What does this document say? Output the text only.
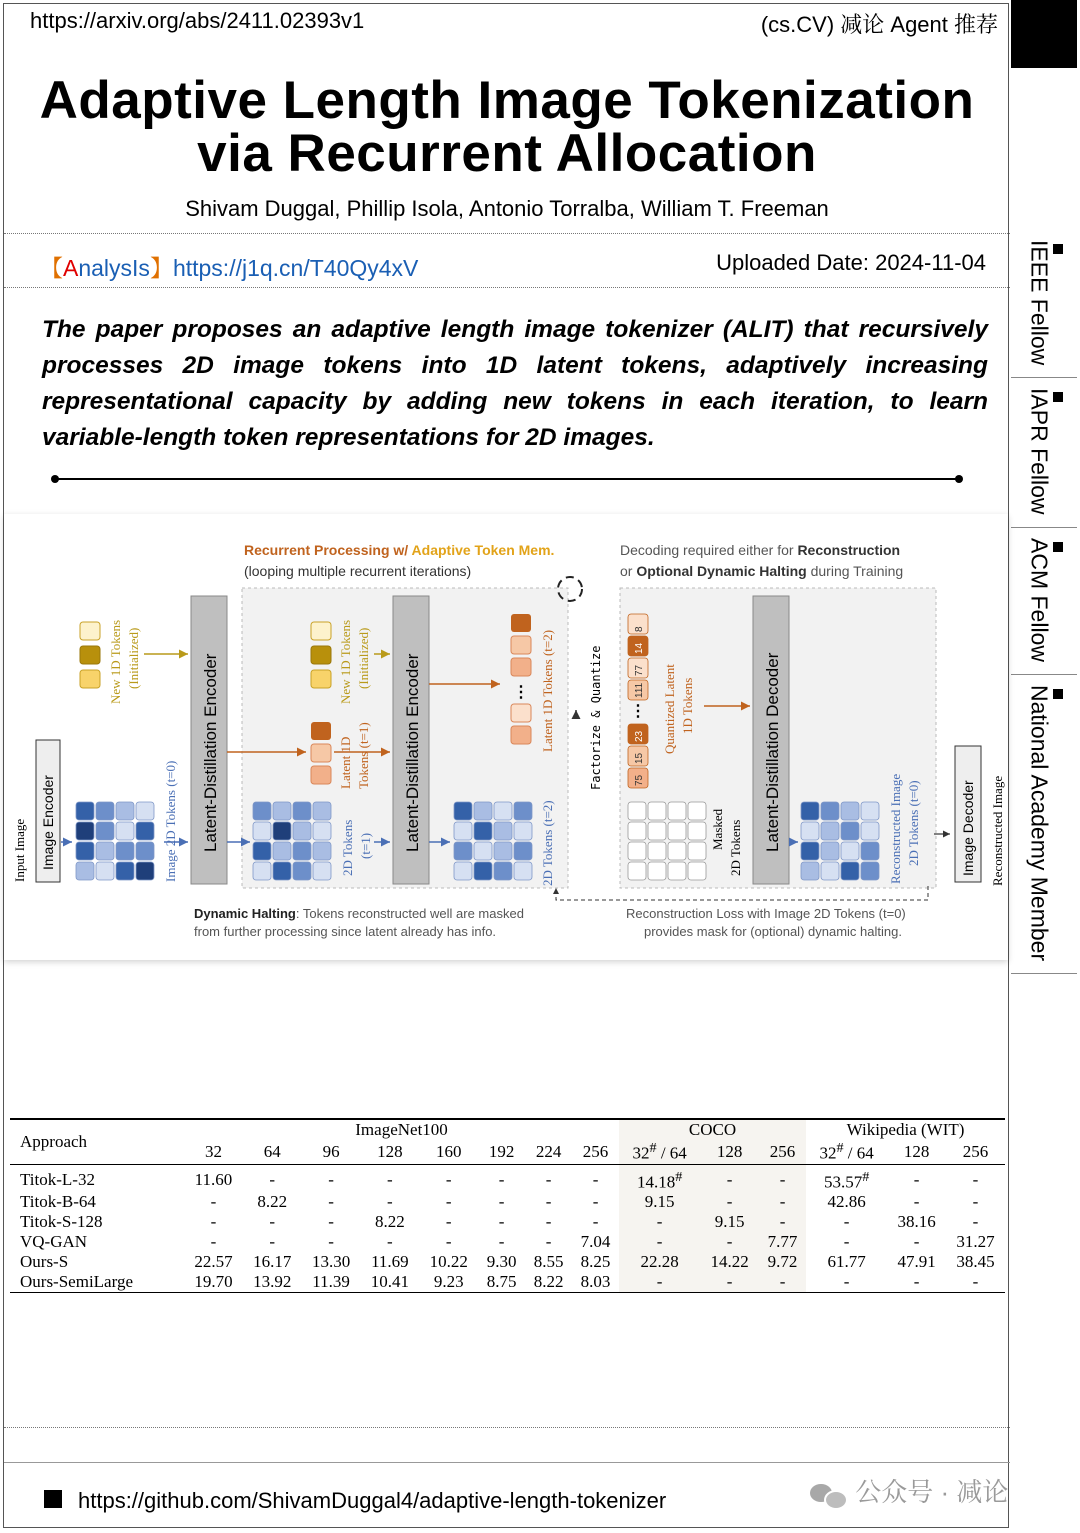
https://arxiv.org/abs/2411.02393v1	(cs.CV) 减论 Agent 推荐
Adaptive Length Image Tokenization
via Recurrent Allocation
Shivam Duggal, Phillip Isola, Antonio Torralba, William T. Freeman
【AnalysIs】https://j1q.cn/T40Qy4xV	Uploaded Date: 2024-11-04
The paper proposes an adaptive length image tokenizer (ALIT) that recursively processes 2D image tokens into 1D latent tokens, adaptively increasing representational capacity by adding new tokens in each iteration, to learn variable-length token representations for 2D images.
IEEE Fellow
IAPR Fellow
ACM Fellow
National Academy Member
Recurrent Processing w/ Adaptive Token Mem.
(looping multiple recurrent iterations)
Decoding required either for Reconstruction
or Optional Dynamic Halting during Training
Input Image Image Encoder	Image 2D Tokens (t=0)
New 1D Tokens (Initialized)	Latent-Distillation Encoder	New 1D Tokens (Initialized)
Latent 1D Tokens (t=1)
2D Tokens (t=1) Latent-Distillation Encoder	⋮ Latent 1D Tokens (t=2)
2D Tokens (t=2)
Factorize & Quantize	75
15
23
⋮
111
77
14
8
Quantized Latent 1D Tokens
Masked 2D Tokens Latent-Distillation Decoder	Reconstructed Image 2D Tokens (t=0)	Image Decoder Reconstructed Image
Dynamic Halting: Tokens reconstructed well are masked
from further processing since latent already has info.
Reconstruction Loss with Image 2D Tokens (t=0)
provides mask for (optional) dynamic halting.
Approach	ImageNet100								COCO			Wikipedia (WIT)		
	32	64	96	128	160	192	224	256	32# / 64	128	256	32# / 64	128	256
Titok-L-32	11.60	-	-	-	-	-	-	-	14.18#	-	-	53.57#	-	-
Titok-B-64	-	8.22	-	-	-	-	-	-	9.15	-	-	42.86	-	-
Titok-S-128	-	-	-	8.22	-	-	-	-	-	9.15	-	-	38.16	-
VQ-GAN	-	-	-	-	-	-	-	7.04	-	-	7.77	-	-	31.27
Ours-S	22.57	16.17	13.30	11.69	10.22	9.30	8.55	8.25	22.28	14.22	9.72	61.77	47.91	38.45
Ours-SemiLarge	19.70	13.92	11.39	10.41	9.23	8.75	8.22	8.03	-	-	-	-	-	-
https://github.com/ShivamDuggal4/adaptive-length-tokenizer	公众号 · 减论
